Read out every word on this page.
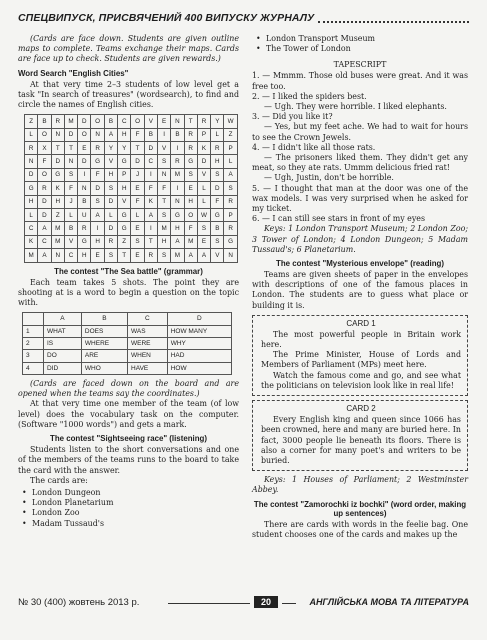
СПЕЦВИПУСК, ПРИСВЯЧЕНИЙ 400 ВИПУСКУ ЖУРНАЛУ

(Cards are face down. Students are given outline maps to complete. Teams exchange their maps. Cards are face up to check. Students are given rewards.)

Word Search "English Cities"

At that very time 2–3 students of low level get a task "In search of treasures" (wordsearch), to find and circle the names of English cities.

Z	B	R	M	D	O	B	C	O	V	E	N	T	R	Y	W
L	O	N	D	O	N	A	H	F	B	I	B	R	P	L	Z
R	X	T	T	E	R	Y	Y	T	D	V	I	R	K	R	P
N	F	D	N	D	G	V	G	D	C	S	R	G	D	H	L
D	O	G	S	I	F	H	P	J	I	N	M	S	V	S	A
G	R	K	F	N	D	S	H	E	F	F	I	E	L	D	S
H	D	H	J	B	S	D	V	F	K	T	N	H	L	F	R
L	D	Z	L	U	A	L	G	L	A	S	G	O	W	G	P
C	A	M	B	R	I	D	G	E	I	M	H	F	S	B	R
K	C	M	V	G	H	R	Z	S	T	H	A	M	E	S	G
M	A	N	C	H	E	S	T	E	R	S	M	A	A	V	N
The contest "The Sea battle" (grammar)

Each team takes 5 shots. The point they are shooting at is a word to begin a question on the topic with.

	A	B	C	D
1	WHAT	DOES	WAS	HOW MANY
2	IS	WHERE	WERE	WHY
3	DO	ARE	WHEN	HAD
4	DID	WHO	HAVE	HOW

(Cards are faced down on the board and are opened when the teams say the coordinates.)

At that very time one member of the team (of low level) does the vocabulary task on the computer. (Software "1000 words") and gets a mark.

The contest "Sightseeing race" (listening)

Students listen to the short conversations and one of the members of the teams runs to the board to take the card with the answer.

The cards are:

• London Dungeon
• London Planetarium
• London Zoo
• Madam Tussaud's
• London Transport Museum
• The Tower of London
TAPESCRIPT

1. — Mmmm. Those old buses were great. And it was free too.

2. — I liked the spiders best.

— Ugh. They were horrible. I liked elephants.

3. — Did you like it?

— Yes, but my feet ache. We had to wait for hours to see the Crown Jewels.

4. — I didn't like all those rats.

— The prisoners liked them. They didn't get any meat, so they ate rats. Ummm delicious fried rat!

— Ugh, Justin, don't be horrible.

5. — I thought that man at the door was one of the wax models. I was very surprised when he asked for my ticket.

6. — I can still see stars in front of my eyes

Keys: 1 London Transport Museum; 2 London Zoo; 3 Tower of London; 4 London Dungeon; 5 Madam Tussaud's; 6 Planetarium.

The contest "Mysterious envelope" (reading)

Teams are given sheets of paper in the envelopes with descriptions of one of the famous places in London. The students are to guess what place or building it is.

CARD 1

The most powerful people in Britain work here.

The Prime Minister, House of Lords and Members of Parliament (MPs) meet here.

Watch the famous come and go, and see what the politicians on television look like in real life!

CARD 2

Every English king and queen since 1066 has been crowned, here and many are buried here. In fact, 3000 people lie beneath its floors. There is also a corner for many poet's and writers to be buried.

Keys: 1 Houses of Parliament; 2 Westminster Abbey.

The contest "Zamorochki iz bochki" (word order, making up sentences)

There are cards with words in the feelie bag. One student chooses one of the cards and makes up the

№ 30 (400) жовтень 2013 р.	20	АНГЛІЙСЬКА МОВА ТА ЛІТЕРАТУРА
